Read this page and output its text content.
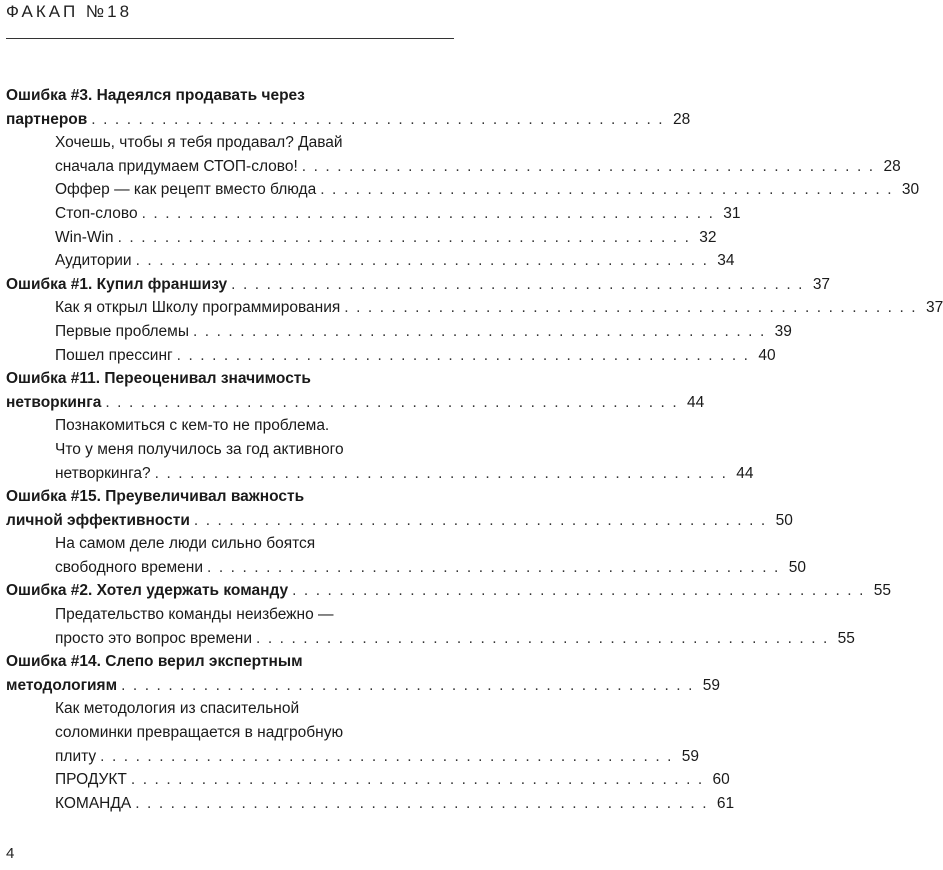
ФАКАП №18
Ошибка #3. Надеялся продавать через
партнеров . . . . . . . . . . . . . . . . . . . . . . . . . . . . . . . . . . . . . . . . . . . . . . . . . 28
Хочешь, чтобы я тебя продавал? Давай
сначала придумаем СТОП-слово! . . . . . . . . . . . . . . . . . . . . . . . . . . . . . . . . . . . . . . . . . . . . . . . . . 28
Оффер — как рецепт вместо блюда . . . . . . . . . . . . . . . . . . . . . . . . . . . . . . . . . . . . . . . . . . . . . . . . . 30
Стоп-слово . . . . . . . . . . . . . . . . . . . . . . . . . . . . . . . . . . . . . . . . . . . . . . . . . 31
Win-Win . . . . . . . . . . . . . . . . . . . . . . . . . . . . . . . . . . . . . . . . . . . . . . . . . 32
Аудитории . . . . . . . . . . . . . . . . . . . . . . . . . . . . . . . . . . . . . . . . . . . . . . . . . 34
Ошибка #1. Купил франшизу . . . . . . . . . . . . . . . . . . . . . . . . . . . . . . . . . . . . . . . . . . . . . . . . . 37
Как я открыл Школу программирования . . . . . . . . . . . . . . . . . . . . . . . . . . . . . . . . . . . . . . . . . . . . . . . . . 37
Первые проблемы . . . . . . . . . . . . . . . . . . . . . . . . . . . . . . . . . . . . . . . . . . . . . . . . . 39
Пошел прессинг . . . . . . . . . . . . . . . . . . . . . . . . . . . . . . . . . . . . . . . . . . . . . . . . . 40
Ошибка #11. Переоценивал значимость
нетворкинга . . . . . . . . . . . . . . . . . . . . . . . . . . . . . . . . . . . . . . . . . . . . . . . . . 44
Познакомиться с кем-то не проблема.
Что у меня получилось за год активного
нетворкинга? . . . . . . . . . . . . . . . . . . . . . . . . . . . . . . . . . . . . . . . . . . . . . . . . . 44
Ошибка #15. Преувеличивал важность
личной эффективности . . . . . . . . . . . . . . . . . . . . . . . . . . . . . . . . . . . . . . . . . . . . . . . . . 50
На самом деле люди сильно боятся
свободного времени . . . . . . . . . . . . . . . . . . . . . . . . . . . . . . . . . . . . . . . . . . . . . . . . . 50
Ошибка #2. Хотел удержать команду . . . . . . . . . . . . . . . . . . . . . . . . . . . . . . . . . . . . . . . . . . . . . . . . . 55
Предательство команды неизбежно —
просто это вопрос времени . . . . . . . . . . . . . . . . . . . . . . . . . . . . . . . . . . . . . . . . . . . . . . . . . 55
Ошибка #14. Слепо верил экспертным
методологиям . . . . . . . . . . . . . . . . . . . . . . . . . . . . . . . . . . . . . . . . . . . . . . . . . 59
Как методология из спасительной
соломинки превращается в надгробную
плиту . . . . . . . . . . . . . . . . . . . . . . . . . . . . . . . . . . . . . . . . . . . . . . . . . 59
ПРОДУКТ . . . . . . . . . . . . . . . . . . . . . . . . . . . . . . . . . . . . . . . . . . . . . . . . . 60
КОМАНДА . . . . . . . . . . . . . . . . . . . . . . . . . . . . . . . . . . . . . . . . . . . . . . . . . 61
4
